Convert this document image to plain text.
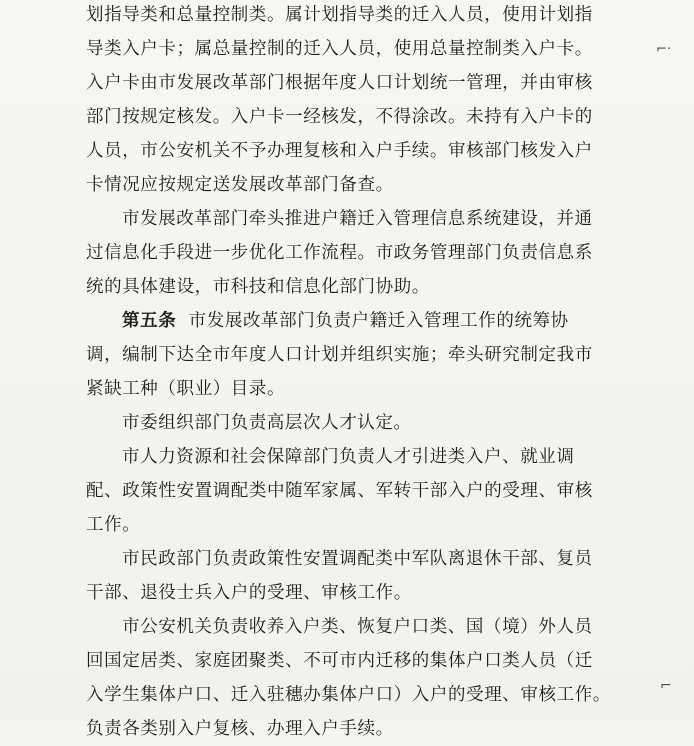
划指导类和总量控制类。属计划指导类的迁入人员，使用计划指
导类入户卡；属总量控制的迁入人员，使用总量控制类入户卡。
入户卡由市发展改革部门根据年度人口计划统一管理，并由审核
部门按规定核发。入户卡一经核发，不得涂改。未持有入户卡的
人员，市公安机关不予办理复核和入户手续。审核部门核发入户
卡情况应按规定送发展改革部门备查。
市发展改革部门牵头推进户籍迁入管理信息系统建设，并通
过信息化手段进一步优化工作流程。市政务管理部门负责信息系
统的具体建设，市科技和信息化部门协助。
第五条 市发展改革部门负责户籍迁入管理工作的统筹协
调，编制下达全市年度人口计划并组织实施；牵头研究制定我市
紧缺工种（职业）目录。
市委组织部门负责高层次人才认定。
市人力资源和社会保障部门负责人才引进类入户、就业调
配、政策性安置调配类中随军家属、军转干部入户的受理、审核
工作。
市民政部门负责政策性安置调配类中军队离退休干部、复员
干部、退役士兵入户的受理、审核工作。
市公安机关负责收养入户类、恢复户口类、国（境）外人员
回国定居类、家庭团聚类、不可市内迁移的集体户口类人员（迁
入学生集体户口、迁入驻穗办集体户口）入户的受理、审核工作。
负责各类别入户复核、办理入户手续。
⌐·
⌐
